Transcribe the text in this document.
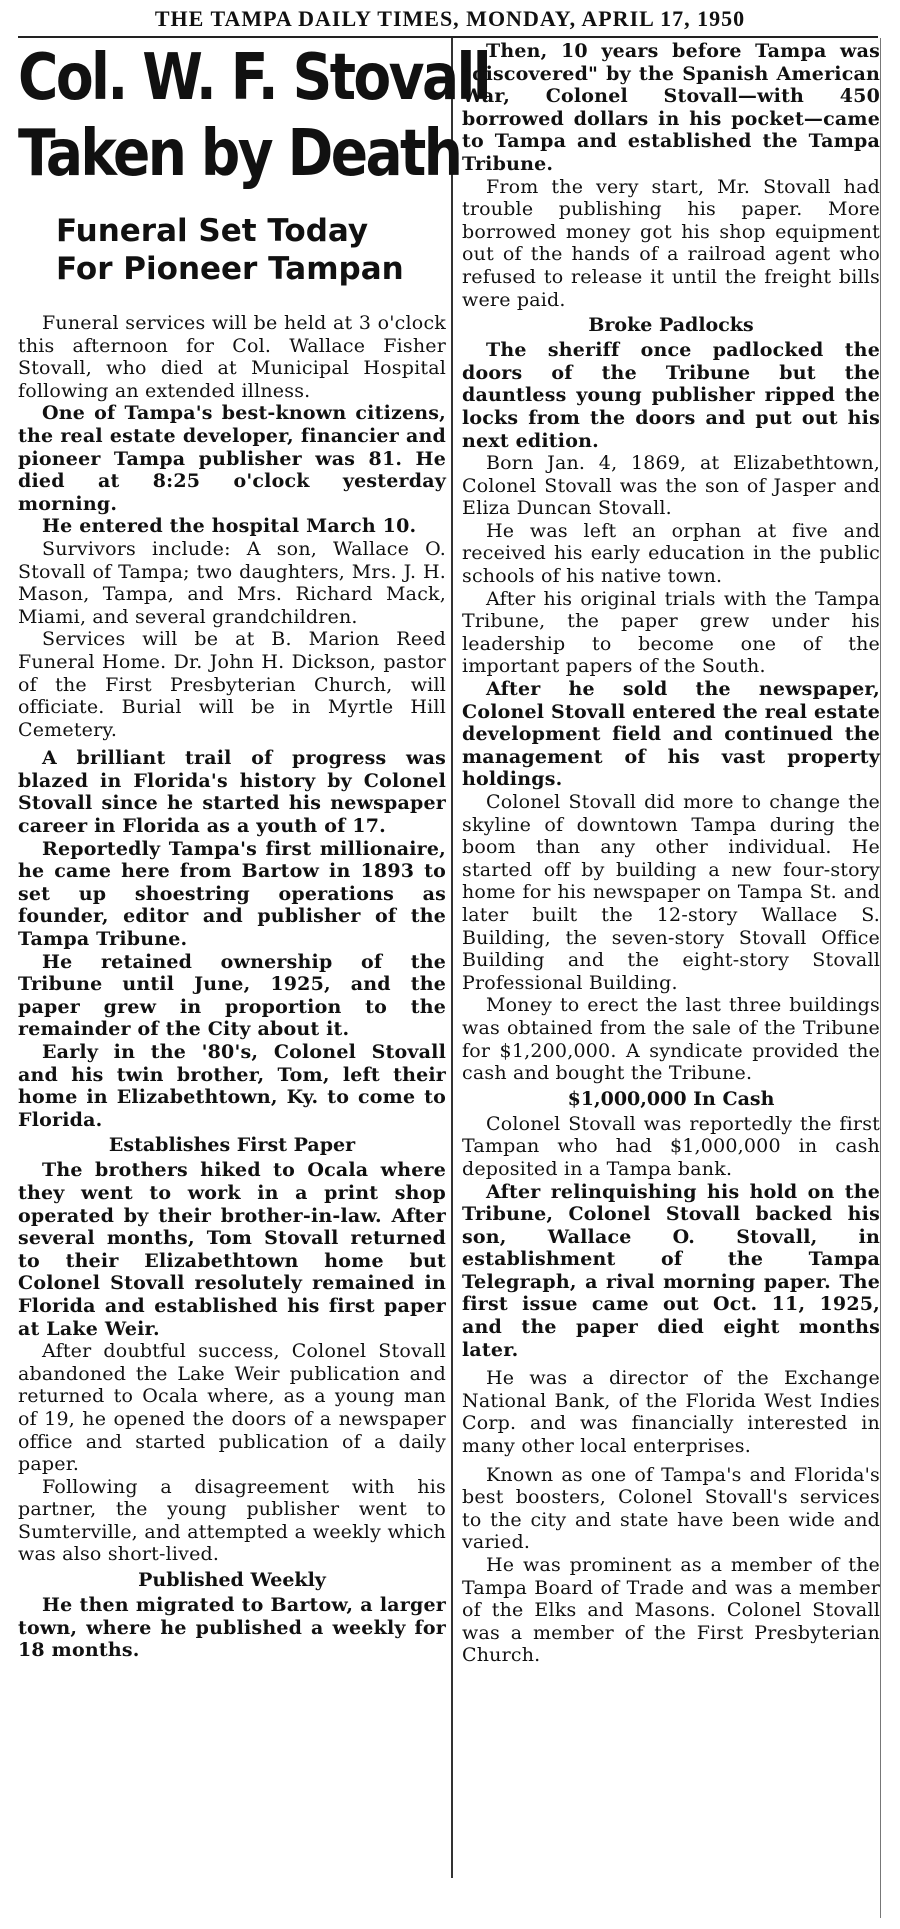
THE TAMPA DAILY TIMES, MONDAY, APRIL 17, 1950
Col. W. F. Stovall
Taken by Death
Funeral Set Today
For Pioneer Tampan

Funeral services will be held at 3 o'clock this afternoon for Col. Wallace Fisher Stovall, who died at Municipal Hospital following an extended illness.

One of Tampa's best-known citizens, the real estate developer, financier and pioneer Tampa publisher was 81. He died at 8:25 o'clock yesterday morning.

He entered the hospital March 10.

Survivors include: A son, Wallace O. Stovall of Tampa; two daughters, Mrs. J. H. Mason, Tampa, and Mrs. Richard Mack, Miami, and several grandchildren.

Services will be at B. Marion Reed Funeral Home. Dr. John H. Dickson, pastor of the First Presbyterian Church, will officiate. Burial will be in Myrtle Hill Cemetery.

A brilliant trail of progress was blazed in Florida's history by Colonel Stovall since he started his newspaper career in Florida as a youth of 17.

Reportedly Tampa's first millionaire, he came here from Bartow in 1893 to set up shoestring operations as founder, editor and publisher of the Tampa Tribune.

He retained ownership of the Tribune until June, 1925, and the paper grew in proportion to the remainder of the City about it.

Early in the '80's, Colonel Stovall and his twin brother, Tom, left their home in Elizabethtown, Ky. to come to Florida.

Establishes First Paper

The brothers hiked to Ocala where they went to work in a print shop operated by their brother-in-law. After several months, Tom Stovall returned to their Elizabethtown home but Colonel Stovall resolutely remained in Florida and established his first paper at Lake Weir.

After doubtful success, Colonel Stovall abandoned the Lake Weir publication and returned to Ocala where, as a young man of 19, he opened the doors of a newspaper office and started publication of a daily paper.

Following a disagreement with his partner, the young publisher went to Sumterville, and attempted a weekly which was also short-lived.

Published Weekly

He then migrated to Bartow, a larger town, where he published a weekly for 18 months.

Then, 10 years before Tampa was "discovered" by the Spanish American War, Colonel Stovall—with 450 borrowed dollars in his pocket—came to Tampa and established the Tampa Tribune.

From the very start, Mr. Stovall had trouble publishing his paper. More borrowed money got his shop equipment out of the hands of a railroad agent who refused to release it until the freight bills were paid.

Broke Padlocks

The sheriff once padlocked the doors of the Tribune but the dauntless young publisher ripped the locks from the doors and put out his next edition.

Born Jan. 4, 1869, at Elizabethtown, Colonel Stovall was the son of Jasper and Eliza Duncan Stovall.

He was left an orphan at five and received his early education in the public schools of his native town.

After his original trials with the Tampa Tribune, the paper grew under his leadership to become one of the important papers of the South.

After he sold the newspaper, Colonel Stovall entered the real estate development field and continued the management of his vast property holdings.

Colonel Stovall did more to change the skyline of downtown Tampa during the boom than any other individual. He started off by building a new four-story home for his newspaper on Tampa St. and later built the 12-story Wallace S. Building, the seven-story Stovall Office Building and the eight-story Stovall Professional Building.

Money to erect the last three buildings was obtained from the sale of the Tribune for $1,200,000. A syndicate provided the cash and bought the Tribune.

$1,000,000 In Cash

Colonel Stovall was reportedly the first Tampan who had $1,000,000 in cash deposited in a Tampa bank.

After relinquishing his hold on the Tribune, Colonel Stovall backed his son, Wallace O. Stovall, in establishment of the Tampa Telegraph, a rival morning paper. The first issue came out Oct. 11, 1925, and the paper died eight months later.

He was a director of the Exchange National Bank, of the Florida West Indies Corp. and was financially interested in many other local enterprises.

Known as one of Tampa's and Florida's best boosters, Colonel Stovall's services to the city and state have been wide and varied.

He was prominent as a member of the Tampa Board of Trade and was a member of the Elks and Masons. Colonel Stovall was a member of the First Presbyterian Church.
